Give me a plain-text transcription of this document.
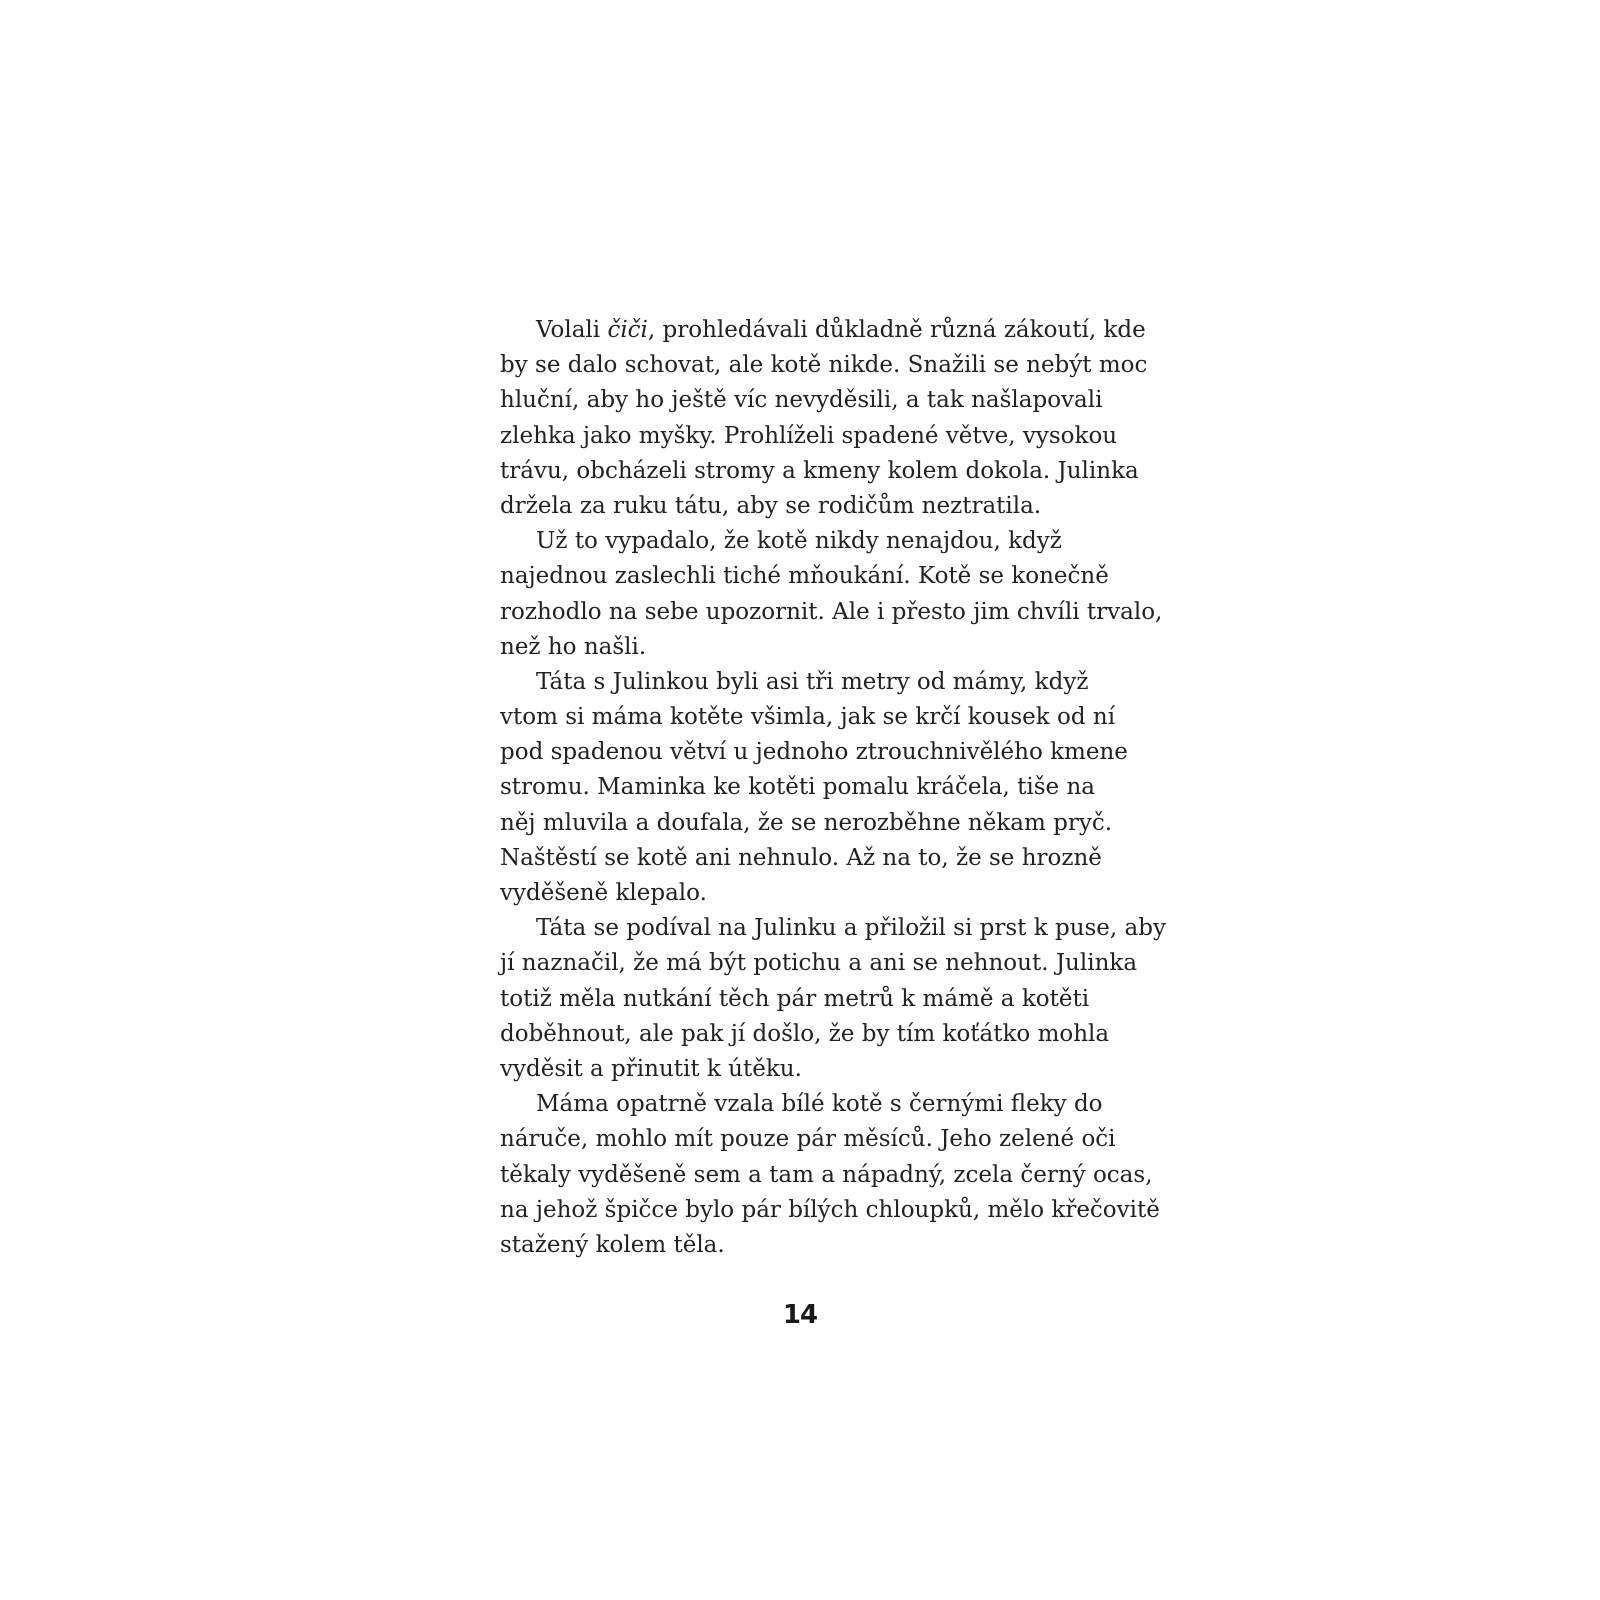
Volali čiči, prohledávali důkladně různá zákoutí, kde
by se dalo schovat, ale kotě nikde. Snažili se nebýt moc
hluční, aby ho ještě víc nevyděsili, a tak našlapovali
zlehka jako myšky. Prohlíželi spadené větve, vysokou
trávu, obcházeli stromy a kmeny kolem dokola. Julinka
držela za ruku tátu, aby se rodičům neztratila.
Už to vypadalo, že kotě nikdy nenajdou, když
najednou zaslechli tiché mňoukání. Kotě se konečně
rozhodlo na sebe upozornit. Ale i přesto jim chvíli trvalo,
než ho našli.
Táta s Julinkou byli asi tři metry od mámy, když
vtom si máma kotěte všimla, jak se krčí kousek od ní
pod spadenou větví u jednoho ztrouchnivělého kmene
stromu. Maminka ke kotěti pomalu kráčela, tiše na
něj mluvila a doufala, že se nerozběhne někam pryč.
Naštěstí se kotě ani nehnulo. Až na to, že se hrozně
vyděšeně klepalo.
Táta se podíval na Julinku a přiložil si prst k puse, aby
jí naznačil, že má být potichu a ani se nehnout. Julinka
totiž měla nutkání těch pár metrů k mámě a kotěti
doběhnout, ale pak jí došlo, že by tím koťátko mohla
vyděsit a přinutit k útěku.
Máma opatrně vzala bílé kotě s černými fleky do
náruče, mohlo mít pouze pár měsíců. Jeho zelené oči
těkaly vyděšeně sem a tam a nápadný, zcela černý ocas,
na jehož špičce bylo pár bílých chloupků, mělo křečovitě
stažený kolem těla.
14
